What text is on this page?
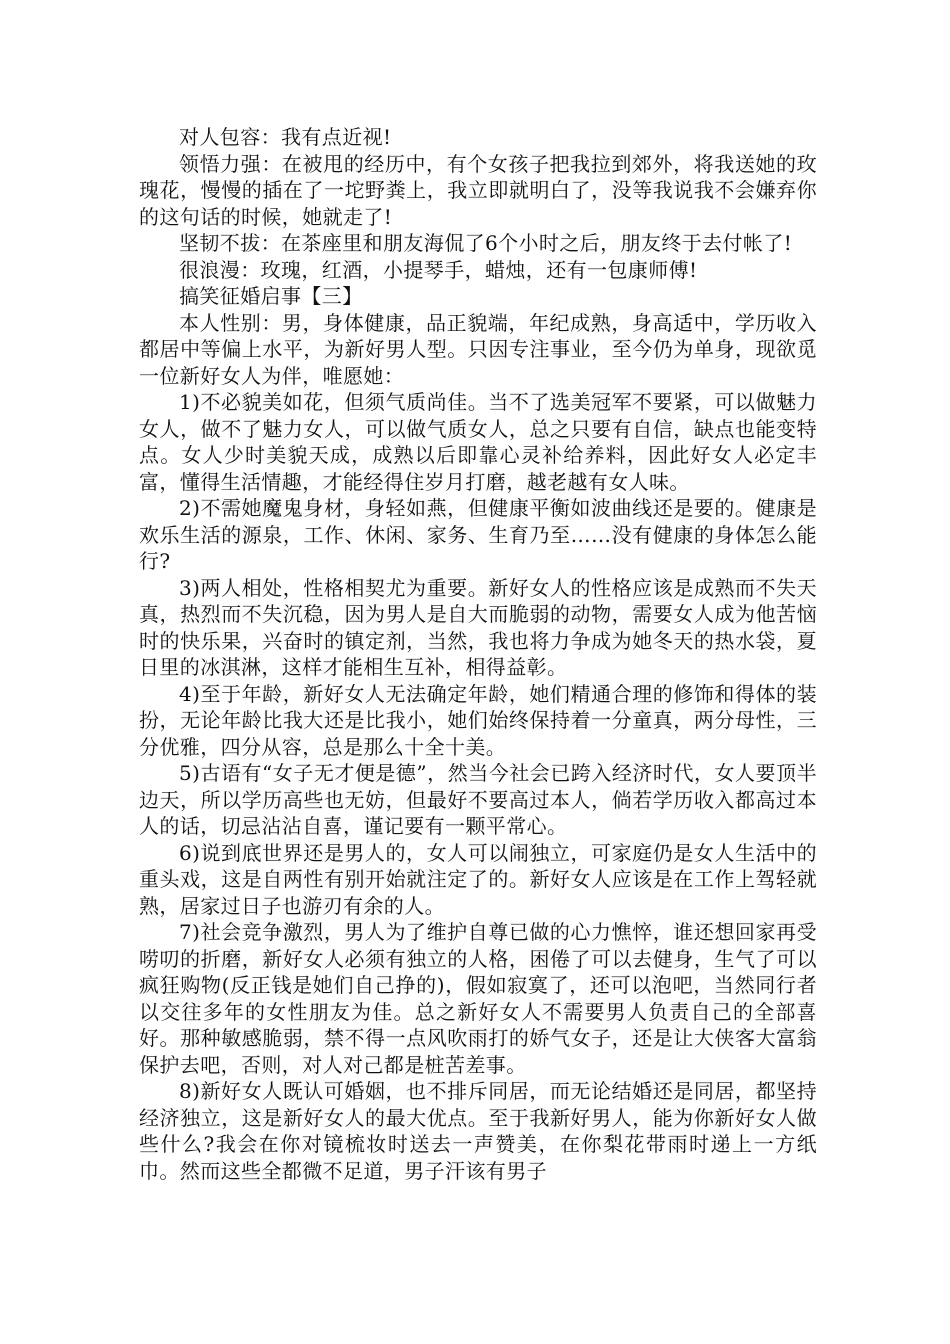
对人包容：我有点近视!

领悟力强：在被甩的经历中，有个女孩子把我拉到郊外，将我送她的玫瑰花，慢慢的插在了一坨野粪上，我立即就明白了，没等我说我不会嫌弃你的这句话的时候，她就走了!

坚韧不拔：在茶座里和朋友海侃了6个小时之后，朋友终于去付帐了!

很浪漫：玫瑰，红酒，小提琴手，蜡烛，还有一包康师傅!

搞笑征婚启事【三】

本人性别：男，身体健康，品正貌端，年纪成熟，身高适中，学历收入都居中等偏上水平，为新好男人型。只因专注事业，至今仍为单身，现欲觅一位新好女人为伴，唯愿她：

1)不必貌美如花，但须气质尚佳。当不了选美冠军不要紧，可以做魅力女人，做不了魅力女人，可以做气质女人，总之只要有自信，缺点也能变特点。女人少时美貌天成，成熟以后即靠心灵补给养料，因此好女人必定丰富，懂得生活情趣，才能经得住岁月打磨，越老越有女人味。

2)不需她魔鬼身材，身轻如燕，但健康平衡如波曲线还是要的。健康是欢乐生活的源泉，工作、休闲、家务、生育乃至……没有健康的身体怎么能行?

3)两人相处，性格相契尤为重要。新好女人的性格应该是成熟而不失天真，热烈而不失沉稳，因为男人是自大而脆弱的动物，需要女人成为他苦恼时的快乐果，兴奋时的镇定剂，当然，我也将力争成为她冬天的热水袋，夏日里的冰淇淋，这样才能相生互补，相得益彰。

4)至于年龄，新好女人无法确定年龄，她们精通合理的修饰和得体的装扮，无论年龄比我大还是比我小，她们始终保持着一分童真，两分母性，三分优雅，四分从容，总是那么十全十美。

5)古语有“女子无才便是德”，然当今社会已跨入经济时代，女人要顶半边天，所以学历高些也无妨，但最好不要高过本人，倘若学历收入都高过本人的话，切忌沾沾自喜，谨记要有一颗平常心。

6)说到底世界还是男人的，女人可以闹独立，可家庭仍是女人生活中的重头戏，这是自两性有别开始就注定了的。新好女人应该是在工作上驾轻就熟，居家过日子也游刃有余的人。

7)社会竞争激烈，男人为了维护自尊已做的心力憔悴，谁还想回家再受唠叨的折磨，新好女人必须有独立的人格，困倦了可以去健身，生气了可以疯狂购物(反正钱是她们自己挣的)，假如寂寞了，还可以泡吧，当然同行者以交往多年的女性朋友为佳。总之新好女人不需要男人负责自己的全部喜好。那种敏感脆弱，禁不得一点风吹雨打的娇气女子，还是让大侠客大富翁保护去吧，否则，对人对己都是桩苦差事。

8)新好女人既认可婚姻，也不排斥同居，而无论结婚还是同居，都坚持经济独立，这是新好女人的最大优点。至于我新好男人，能为你新好女人做些什么?我会在你对镜梳妆时送去一声赞美，在你梨花带雨时递上一方纸巾。然而这些全都微不足道，男子汗该有男子
